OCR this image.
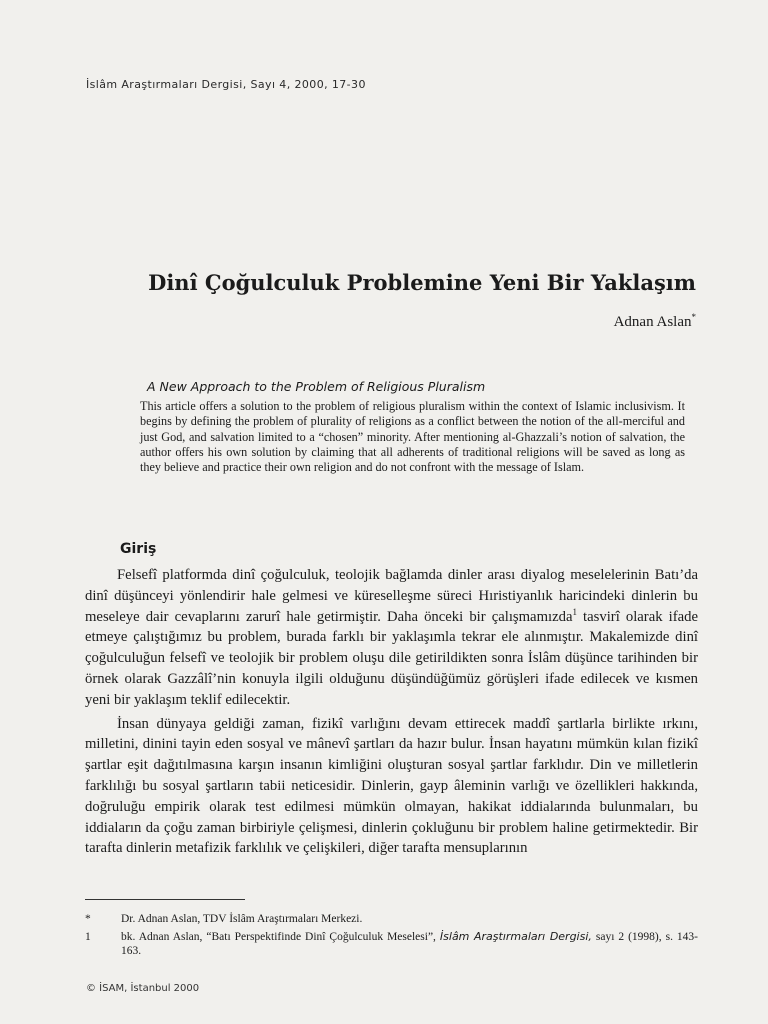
İslâm Araştırmaları Dergisi, Sayı 4, 2000, 17-30
Dinî Çoğulculuk Problemine Yeni Bir Yaklaşım
Adnan Aslan*
A New Approach to the Problem of Religious Pluralism
This article offers a solution to the problem of religious pluralism within the context of Islamic inclusivism. It begins by defining the problem of plurality of religions as a conflict between the notion of the all-merciful and just God, and salvation limited to a “chosen” minority. After mentioning al-Ghazzali’s notion of salvation, the author offers his own solution by claiming that all adherents of traditional religions will be saved as long as they believe and practice their own religion and do not confront with the message of Islam.
Giriş

Felsefî platformda dinî çoğulculuk, teolojik bağlamda dinler arası diyalog meselelerinin Batı’da dinî düşünceyi yönlendirir hale gelmesi ve küreselleşme süreci Hıristiyanlık haricindeki dinlerin bu meseleye dair cevaplarını zarurî hale getirmiştir. Daha önceki bir çalışmamızda$^1$ tasvirî olarak ifade etmeye çalıştığımız bu problem, burada farklı bir yaklaşımla tekrar ele alınmıştır. Makalemizde dinî çoğulculuğun felsefî ve teolojik bir problem oluşu dile getirildikten sonra İslâm düşünce tarihinden bir örnek olarak Gazzâlî’nin konuyla ilgili olduğunu düşündüğümüz görüşleri ifade edilecek ve kısmen yeni bir yaklaşım teklif edilecektir.

İnsan dünyaya geldiği zaman, fizikî varlığını devam ettirecek maddî şartlarla birlikte ırkını, milletini, dinini tayin eden sosyal ve mânevî şartları da hazır bulur. İnsan hayatını mümkün kılan fizikî şartlar eşit dağıtılmasına karşın insanın kimliğini oluşturan sosyal şartlar farklıdır. Din ve milletlerin farklılığı bu sosyal şartların tabii neticesidir. Dinlerin, gayp âleminin varlığı ve özellikleri hakkında, doğruluğu empirik olarak test edilmesi mümkün olmayan, hakikat iddialarında bulunmaları, bu iddiaların da çoğu zaman birbiriyle çelişmesi, dinlerin çokluğunu bir problem haline getirmektedir. Bir tarafta dinlerin metafizik farklılık ve çelişkileri, diğer tarafta mensuplarının

*	Dr. Adnan Aslan, TDV İslâm Araştırmaları Merkezi.
1	bk. Adnan Aslan, “Batı Perspektifinde Dinî Çoğulculuk Meselesi”, İslâm Araştırmaları Dergisi, sayı 2 (1998), s. 143-163.
© İSAM, İstanbul 2000
